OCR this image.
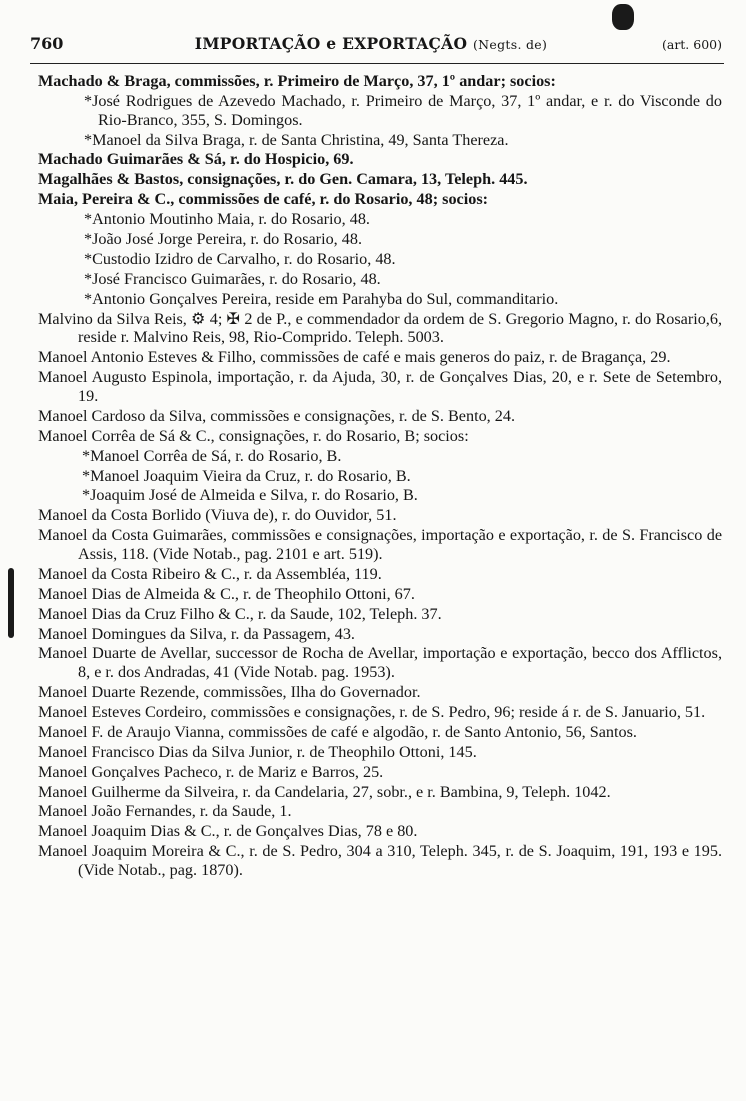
760	IMPORTAÇÃO e EXPORTAÇÃO (Negts. de)	(art. 600)

Machado & Braga, commissões, r. Primeiro de Março, 37, 1º andar; socios:

*José Rodrigues de Azevedo Machado, r. Primeiro de Março, 37, 1º andar, e r. do Visconde do Rio-Branco, 355, S. Domingos.

*Manoel da Silva Braga, r. de Santa Christina, 49, Santa Thereza.

Machado Guimarães & Sá, r. do Hospicio, 69.

Magalhães & Bastos, consignações, r. do Gen. Camara, 13, Teleph. 445.

Maia, Pereira & C., commissões de café, r. do Rosario, 48; socios:

*Antonio Moutinho Maia, r. do Rosario, 48.

*João José Jorge Pereira, r. do Rosario, 48.

*Custodio Izidro de Carvalho, r. do Rosario, 48.

*José Francisco Guimarães, r. do Rosario, 48.

*Antonio Gonçalves Pereira, reside em Parahyba do Sul, commanditario.

Malvino da Silva Reis, ⚙ 4; ✠ 2 de P., e commendador da ordem de S. Gregorio Magno, r. do Rosario,6, reside r. Malvino Reis, 98, Rio-Comprido. Teleph. 5003.

Manoel Antonio Esteves & Filho, commissões de café e mais generos do paiz, r. de Bragança, 29.

Manoel Augusto Espinola, importação, r. da Ajuda, 30, r. de Gonçalves Dias, 20, e r. Sete de Setembro, 19.

Manoel Cardoso da Silva, commissões e consignações, r. de S. Bento, 24.

Manoel Corrêa de Sá & C., consignações, r. do Rosario, B; socios:

*Manoel Corrêa de Sá, r. do Rosario, B.

*Manoel Joaquim Vieira da Cruz, r. do Rosario, B.

*Joaquim José de Almeida e Silva, r. do Rosario, B.

Manoel da Costa Borlido (Viuva de), r. do Ouvidor, 51.

Manoel da Costa Guimarães, commissões e consignações, importação e exportação, r. de S. Francisco de Assis, 118. (Vide Notab., pag. 2101 e art. 519).

Manoel da Costa Ribeiro & C., r. da Assembléa, 119.

Manoel Dias de Almeida & C., r. de Theophilo Ottoni, 67.

Manoel Dias da Cruz Filho & C., r. da Saude, 102, Teleph. 37.

Manoel Domingues da Silva, r. da Passagem, 43.

Manoel Duarte de Avellar, successor de Rocha de Avellar, importação e exportação, becco dos Afflictos, 8, e r. dos Andradas, 41 (Vide Notab. pag. 1953).

Manoel Duarte Rezende, commissões, Ilha do Governador.

Manoel Esteves Cordeiro, commissões e consignações, r. de S. Pedro, 96; reside á r. de S. Januario, 51.

Manoel F. de Araujo Vianna, commissões de café e algodão, r. de Santo Antonio, 56, Santos.

Manoel Francisco Dias da Silva Junior, r. de Theophilo Ottoni, 145.

Manoel Gonçalves Pacheco, r. de Mariz e Barros, 25.

Manoel Guilherme da Silveira, r. da Candelaria, 27, sobr., e r. Bambina, 9, Teleph. 1042.

Manoel João Fernandes, r. da Saude, 1.

Manoel Joaquim Dias & C., r. de Gonçalves Dias, 78 e 80.

Manoel Joaquim Moreira & C., r. de S. Pedro, 304 a 310, Teleph. 345, r. de S. Joaquim, 191, 193 e 195. (Vide Notab., pag. 1870).
